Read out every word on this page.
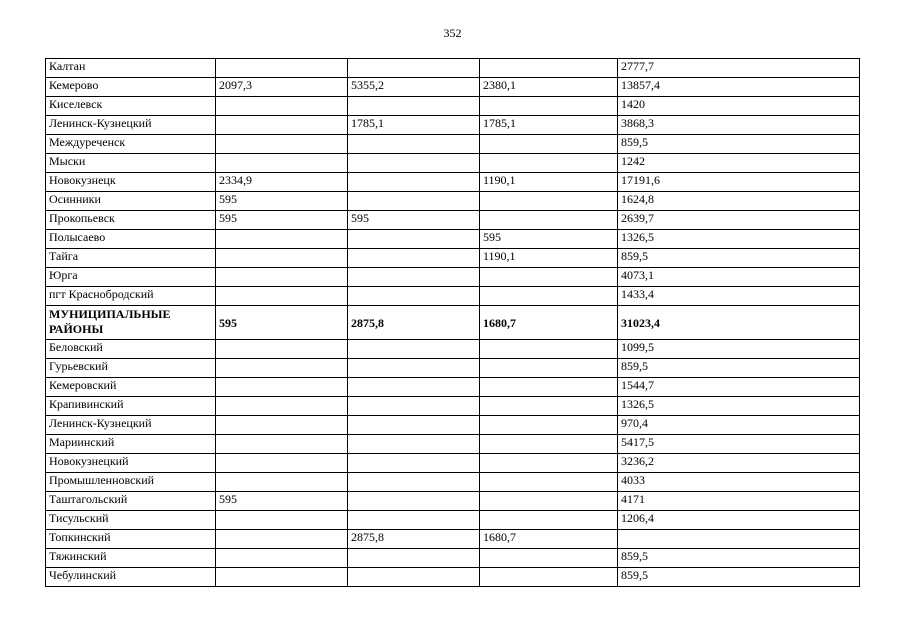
352
Калтан				2777,7
Кемерово	2097,3	5355,2	2380,1	13857,4
Киселевск				1420
Ленинск-Кузнецкий		1785,1	1785,1	3868,3
Междуреченск				859,5
Мыски				1242
Новокузнецк	2334,9		1190,1	17191,6
Осинники	595			1624,8
Прокопьевск	595	595		2639,7
Полысаево			595	1326,5
Тайга			1190,1	859,5
Юрга				4073,1
пгт Краснобродский				1433,4
МУНИЦИПАЛЬНЫЕ РАЙОНЫ	595	2875,8	1680,7	31023,4
Беловский				1099,5
Гурьевский				859,5
Кемеровский				1544,7
Крапивинский				1326,5
Ленинск-Кузнецкий				970,4
Мариинский				5417,5
Новокузнецкий				3236,2
Промышленновский				4033
Таштагольский	595			4171
Тисульский				1206,4
Топкинский		2875,8	1680,7	
Тяжинский				859,5
Чебулинский				859,5
